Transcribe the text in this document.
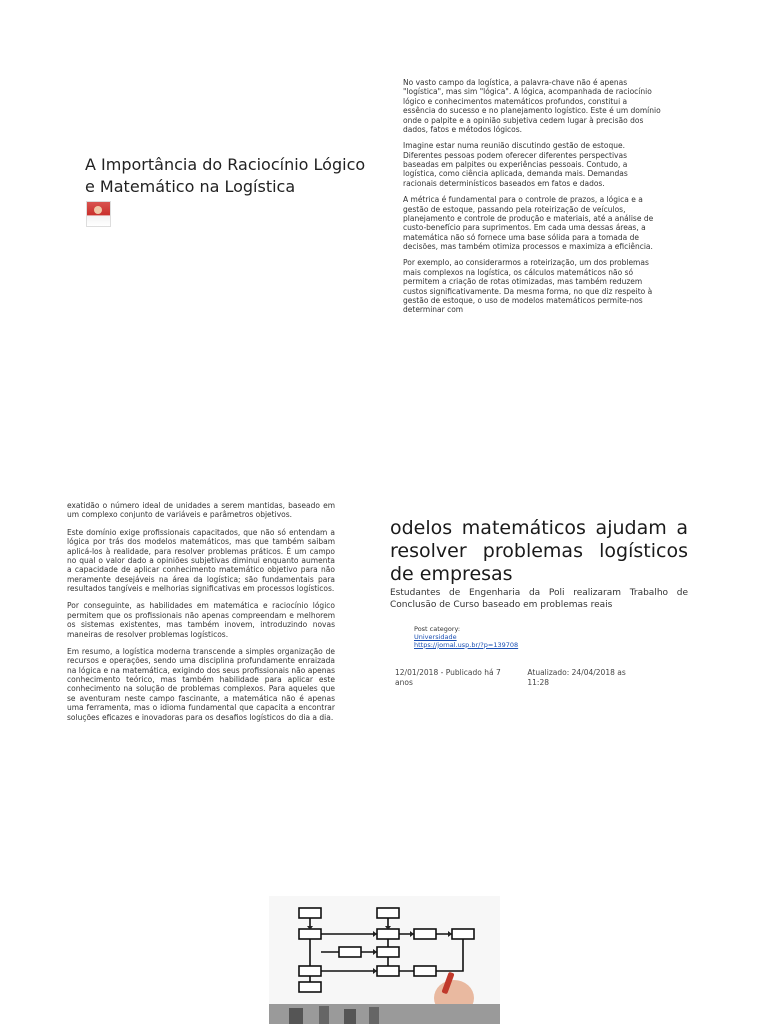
A Importância do Raciocínio Lógico e Matemático na Logística

No vasto campo da logística, a palavra-chave não é apenas "logística", mas sim "lógica". A lógica, acompanhada de raciocínio lógico e conhecimentos matemáticos profundos, constitui a essência do sucesso e no planejamento logístico. Este é um domínio onde o palpite e a opinião subjetiva cedem lugar à precisão dos dados, fatos e métodos lógicos.

Imagine estar numa reunião discutindo gestão de estoque. Diferentes pessoas podem oferecer diferentes perspectivas baseadas em palpites ou experiências pessoais. Contudo, a logística, como ciência aplicada, demanda mais. Demandas racionais determinísticos baseados em fatos e dados.

A métrica é fundamental para o controle de prazos, a lógica e a gestão de estoque, passando pela roteirização de veículos, planejamento e controle de produção e materiais, até a análise de custo-benefício para suprimentos. Em cada uma dessas áreas, a matemática não só fornece uma base sólida para a tomada de decisões, mas também otimiza processos e maximiza a eficiência.

Por exemplo, ao considerarmos a roteirização, um dos problemas mais complexos na logística, os cálculos matemáticos não só permitem a criação de rotas otimizadas, mas também reduzem custos significativamente. Da mesma forma, no que diz respeito à gestão de estoque, o uso de modelos matemáticos permite-nos determinar com

exatidão o número ideal de unidades a serem mantidas, baseado em um complexo conjunto de variáveis e parâmetros objetivos.

Este domínio exige profissionais capacitados, que não só entendam a lógica por trás dos modelos matemáticos, mas que também saibam aplicá-los à realidade, para resolver problemas práticos. É um campo no qual o valor dado a opiniões subjetivas diminui enquanto aumenta a capacidade de aplicar conhecimento matemático objetivo para não meramente desejáveis na área da logística; são fundamentais para resultados tangíveis e melhorias significativas em processos logísticos.

Por conseguinte, as habilidades em matemática e raciocínio lógico permitem que os profissionais não apenas compreendam e melhorem os sistemas existentes, mas também inovem, introduzindo novas maneiras de resolver problemas logísticos.

Em resumo, a logística moderna transcende a simples organização de recursos e operações, sendo uma disciplina profundamente enraizada na lógica e na matemática, exigindo dos seus profissionais não apenas conhecimento teórico, mas também habilidade para aplicar este conhecimento na solução de problemas complexos. Para aqueles que se aventuram neste campo fascinante, a matemática não é apenas uma ferramenta, mas o idioma fundamental que capacita a encontrar soluções eficazes e inovadoras para os desafios logísticos do dia a dia.

odelos matemáticos ajudam a resolver problemas logísticos de empresas
Estudantes de Engenharia da Poli realizaram Trabalho de Conclusão de Curso baseado em problemas reais
Post category:
Universidade
https://jornal.usp.br/?p=139708
12/01/2018 - Publicado há 7 anos Atualizado: 24/04/2018 as 11:28
